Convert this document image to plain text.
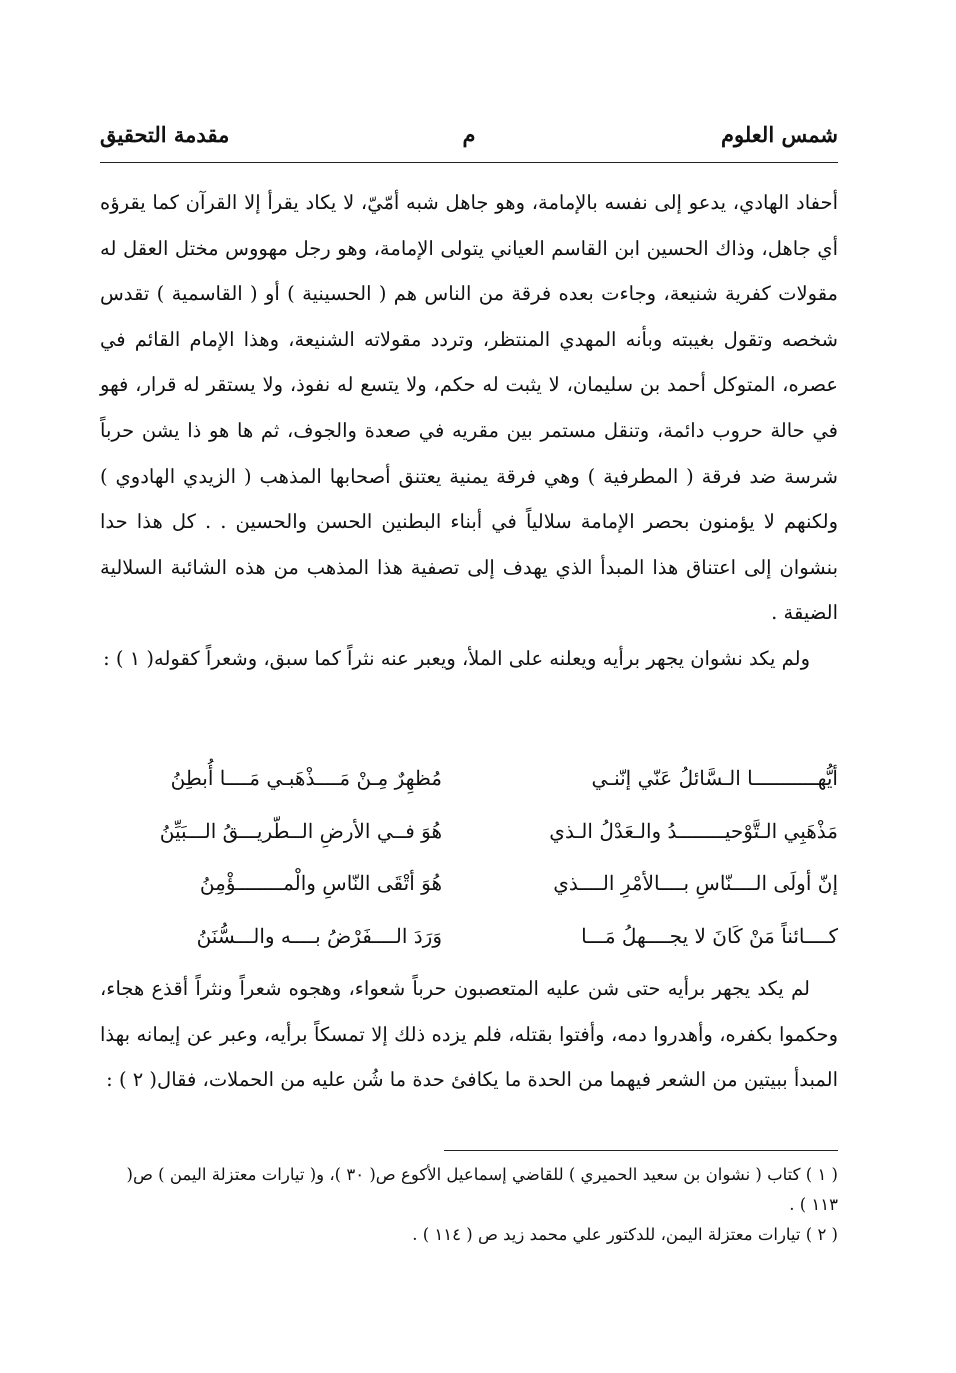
شمس العلوم
م
مقدمة التحقيق

أحفاد الهادي، يدعو إلى نفسه بالإمامة، وهو جاهل شبه أمّيّ، لا يكاد يقرأ إلا القرآن كما يقرؤه أي جاهل، وذاك الحسين ابن القاسم العياني يتولى الإمامة، وهو رجل مهووس مختل العقل له مقولات كفرية شنيعة، وجاءت بعده فرقة من الناس هم ( الحسينية ) أو ( القاسمية ) تقدس شخصه وتقول بغيبته وبأنه المهدي المنتظر، وتردد مقولاته الشنيعة، وهذا الإمام القائم في عصره، المتوكل أحمد بن سليمان، لا يثبت له حكم، ولا يتسع له نفوذ، ولا يستقر له قرار، فهو في حالة حروب دائمة، وتنقل مستمر بين مقريه في صعدة والجوف، ثم ها هو ذا يشن حرباً شرسة ضد فرقة ( المطرفية ) وهي فرقة يمنية يعتنق أصحابها المذهب ( الزيدي الهادوي ) ولكنهم لا يؤمنون بحصر الإمامة سلالياً في أبناء البطنين الحسن والحسين . . كل هذا حدا بنشوان إلى اعتناق هذا المبدأ الذي يهدف إلى تصفية هذا المذهب من هذه الشائبة السلالية الضيقة .

ولم يكد نشوان يجهر برأيه ويعلنه على الملأ، ويعبر عنه نثراً كما سبق، وشعراً كقوله( ١ ) :

أيُّهـــــــــــا الـسَّائلُ عَنّي إنّنـي
مُظهِرٌ مِـنْ مَــــذْهَبـي مَــــا أُبطِنُ
مَذْهَبِي الـتَّوْحيــــــــدُ والـعَدْلُ الـذي
هُوَ فــي الأرضِ الــطّريـــقُ الـــبَيِّنُ
إنّ أولَى الــــنّاسِ بــــالأمْرِ الــــذي
هُوَ أتْقَى النّاسِ والْمــــــــؤْمِنُ
كــــائناً مَنْ كَانَ لا يجــــهلُ مَـــا
وَرَدَ الــــفَرْضُ بــــه والـــسُّنَنُ

لم يكد يجهر برأيه حتى شن عليه المتعصبون حرباً شعواء، وهجوه شعراً ونثراً أقذع هجاء، وحكموا بكفره، وأهدروا دمه، وأفتوا بقتله، فلم يزده ذلك إلا تمسكاً برأيه، وعبر عن إيمانه بهذا المبدأ ببيتين من الشعر فيهما من الحدة ما يكافئ حدة ما شُن عليه من الحملات، فقال( ٢ ) :

( ١ ) كتاب ( نشوان بن سعيد الحميري ) للقاضي إسماعيل الأكوع ص( ٣٠ )، و( تيارات معتزلة اليمن ) ص( ١١٣ ) .

( ٢ ) تيارات معتزلة اليمن، للدكتور علي محمد زيد ص ( ١١٤ ) .
